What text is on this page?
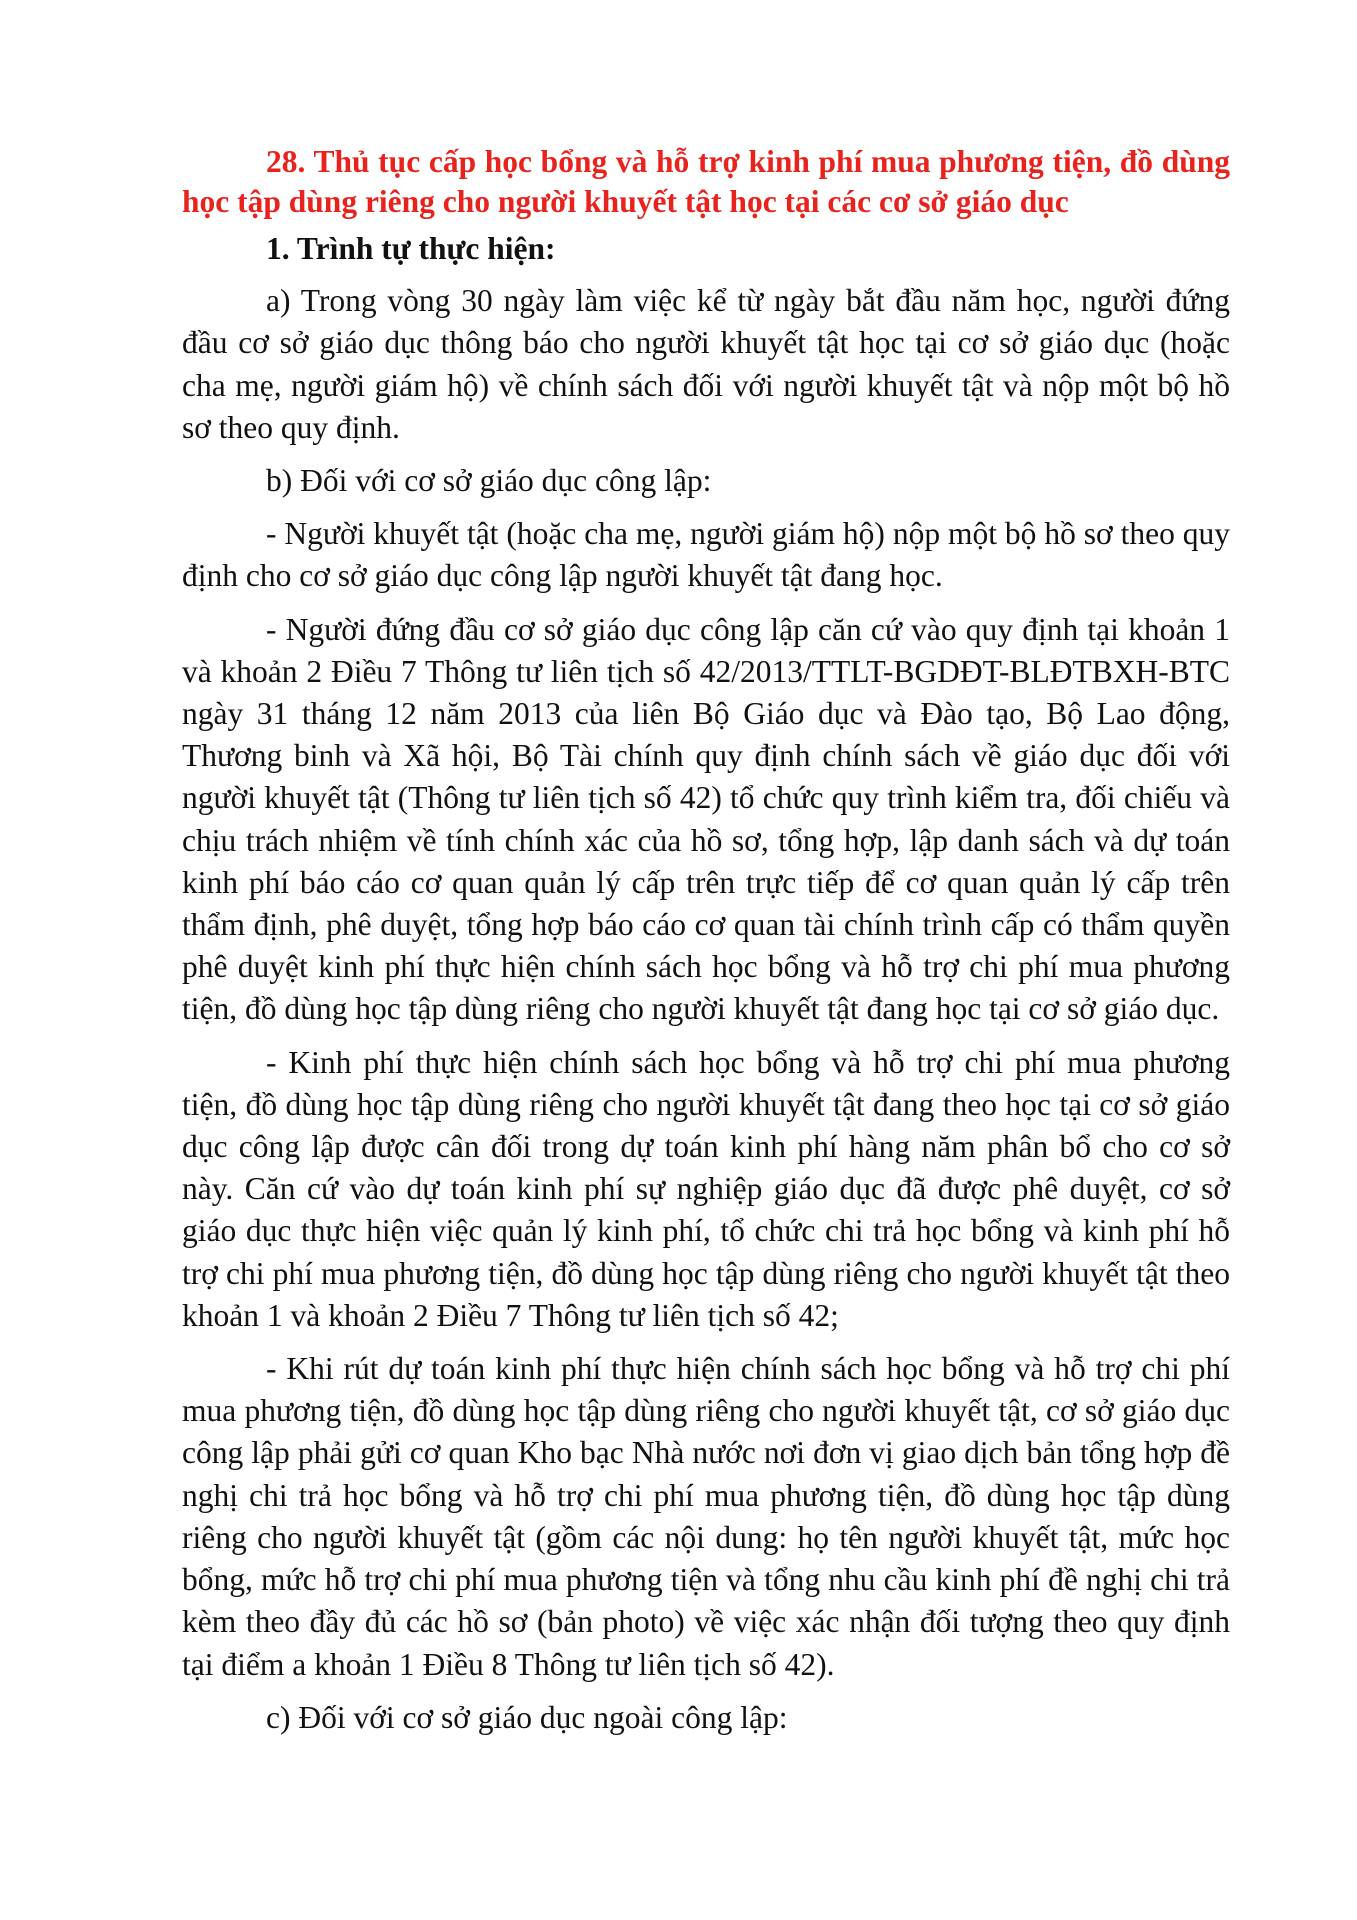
28. Thủ tục cấp học bổng và hỗ trợ kinh phí mua phương tiện, đồ dùng học tập dùng riêng cho người khuyết tật học tại các cơ sở giáo dục

1. Trình tự thực hiện:

a) Trong vòng 30 ngày làm việc kể từ ngày bắt đầu năm học, người đứng đầu cơ sở giáo dục thông báo cho người khuyết tật học tại cơ sở giáo dục (hoặc cha mẹ, người giám hộ) về chính sách đối với người khuyết tật và nộp một bộ hồ sơ theo quy định.

b) Đối với cơ sở giáo dục công lập:

- Người khuyết tật (hoặc cha mẹ, người giám hộ) nộp một bộ hồ sơ theo quy định cho cơ sở giáo dục công lập người khuyết tật đang học.

- Người đứng đầu cơ sở giáo dục công lập căn cứ vào quy định tại khoản 1 và khoản 2 Điều 7 Thông tư liên tịch số 42/2013/TTLT-BGDĐT-BLĐTBXH-BTC ngày 31 tháng 12 năm 2013 của liên Bộ Giáo dục và Đào tạo, Bộ Lao động, Thương binh và Xã hội, Bộ Tài chính quy định chính sách về giáo dục đối với người khuyết tật (Thông tư liên tịch số 42) tổ chức quy trình kiểm tra, đối chiếu và chịu trách nhiệm về tính chính xác của hồ sơ, tổng hợp, lập danh sách và dự toán kinh phí báo cáo cơ quan quản lý cấp trên trực tiếp để cơ quan quản lý cấp trên thẩm định, phê duyệt, tổng hợp báo cáo cơ quan tài chính trình cấp có thẩm quyền phê duyệt kinh phí thực hiện chính sách học bổng và hỗ trợ chi phí mua phương tiện, đồ dùng học tập dùng riêng cho người khuyết tật đang học tại cơ sở giáo dục.

- Kinh phí thực hiện chính sách học bổng và hỗ trợ chi phí mua phương tiện, đồ dùng học tập dùng riêng cho người khuyết tật đang theo học tại cơ sở giáo dục công lập được cân đối trong dự toán kinh phí hàng năm phân bổ cho cơ sở này. Căn cứ vào dự toán kinh phí sự nghiệp giáo dục đã được phê duyệt, cơ sở giáo dục thực hiện việc quản lý kinh phí, tổ chức chi trả học bổng và kinh phí hỗ trợ chi phí mua phương tiện, đồ dùng học tập dùng riêng cho người khuyết tật theo khoản 1 và khoản 2 Điều 7 Thông tư liên tịch số 42;

- Khi rút dự toán kinh phí thực hiện chính sách học bổng và hỗ trợ chi phí mua phương tiện, đồ dùng học tập dùng riêng cho người khuyết tật, cơ sở giáo dục công lập phải gửi cơ quan Kho bạc Nhà nước nơi đơn vị giao dịch bản tổng hợp đề nghị chi trả học bổng và hỗ trợ chi phí mua phương tiện, đồ dùng học tập dùng riêng cho người khuyết tật (gồm các nội dung: họ tên người khuyết tật, mức học bổng, mức hỗ trợ chi phí mua phương tiện và tổng nhu cầu kinh phí đề nghị chi trả kèm theo đầy đủ các hồ sơ (bản photo) về việc xác nhận đối tượng theo quy định tại điểm a khoản 1 Điều 8 Thông tư liên tịch số 42).

c) Đối với cơ sở giáo dục ngoài công lập:
